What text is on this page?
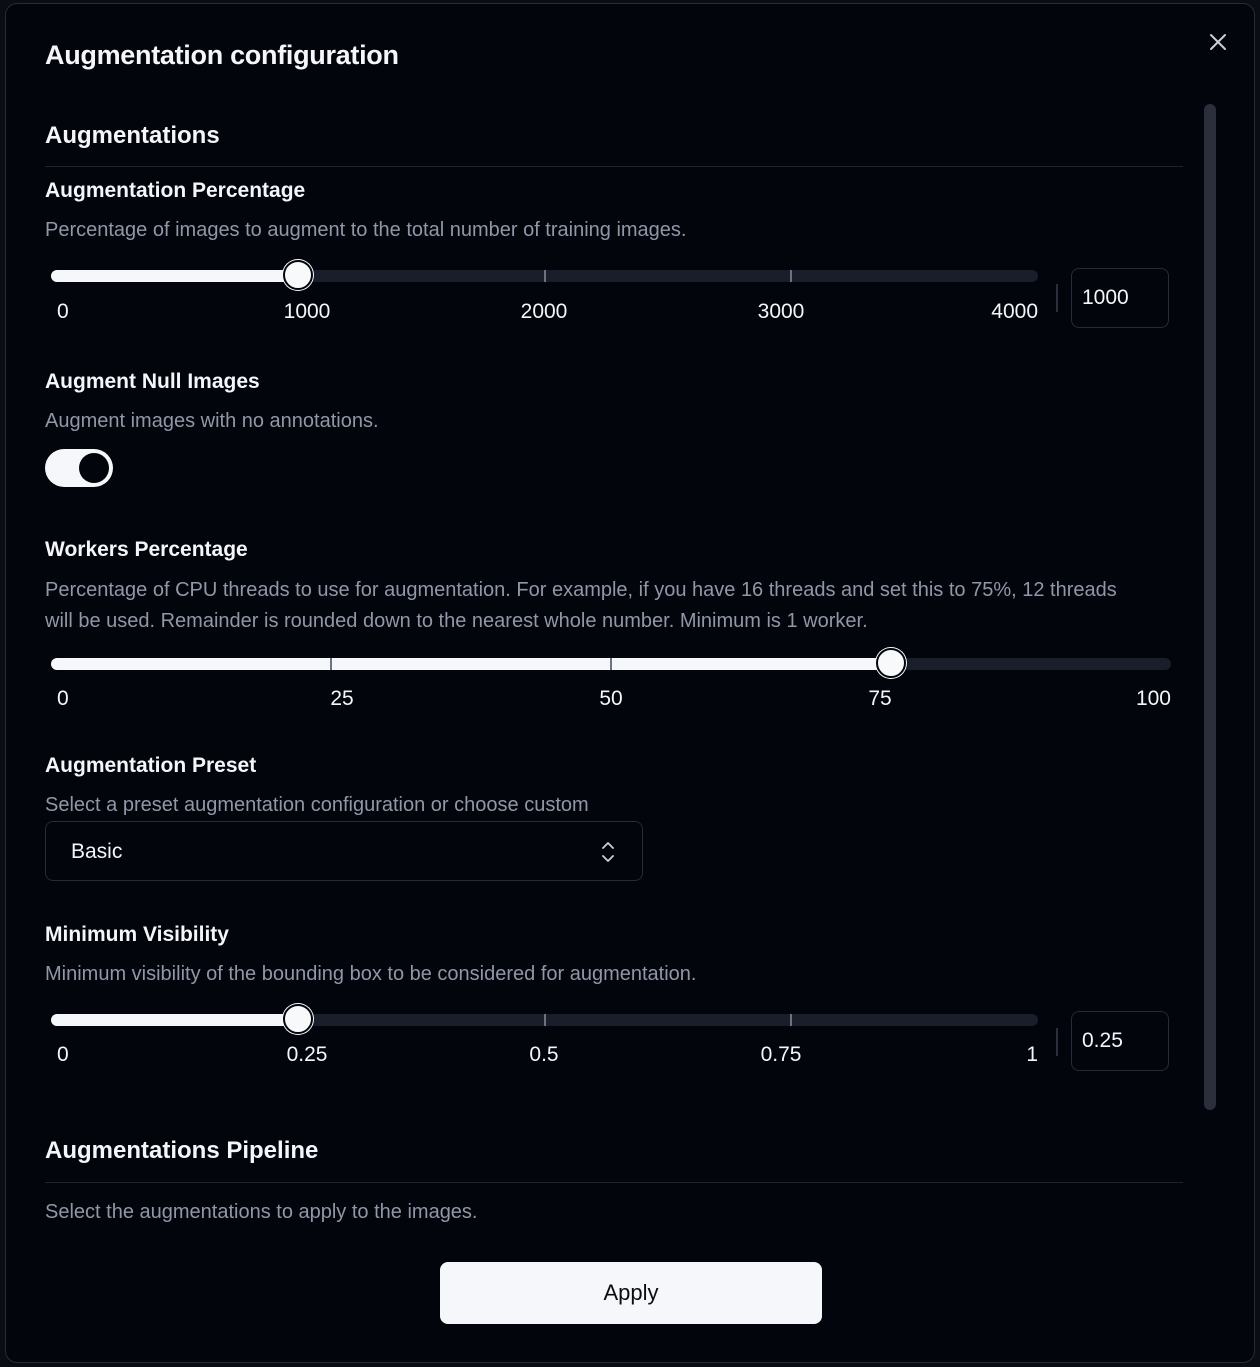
Augmentation configuration
Augmentations
Augmentation Percentage
Percentage of images to augment to the total number of training images.
0	1000	2000	3000	4000
1000
Augment Null Images
Augment images with no annotations.
Workers Percentage
Percentage of CPU threads to use for augmentation. For example, if you have 16 threads and set this to 75%, 12 threads will be used. Remainder is rounded down to the nearest whole number. Minimum is 1 worker.
0	25	50	75	100
Augmentation Preset
Select a preset augmentation configuration or choose custom
Basic
Minimum Visibility
Minimum visibility of the bounding box to be considered for augmentation.
0	0.25	0.5	0.75	1
0.25
Augmentations Pipeline
Select the augmentations to apply to the images.
Apply
